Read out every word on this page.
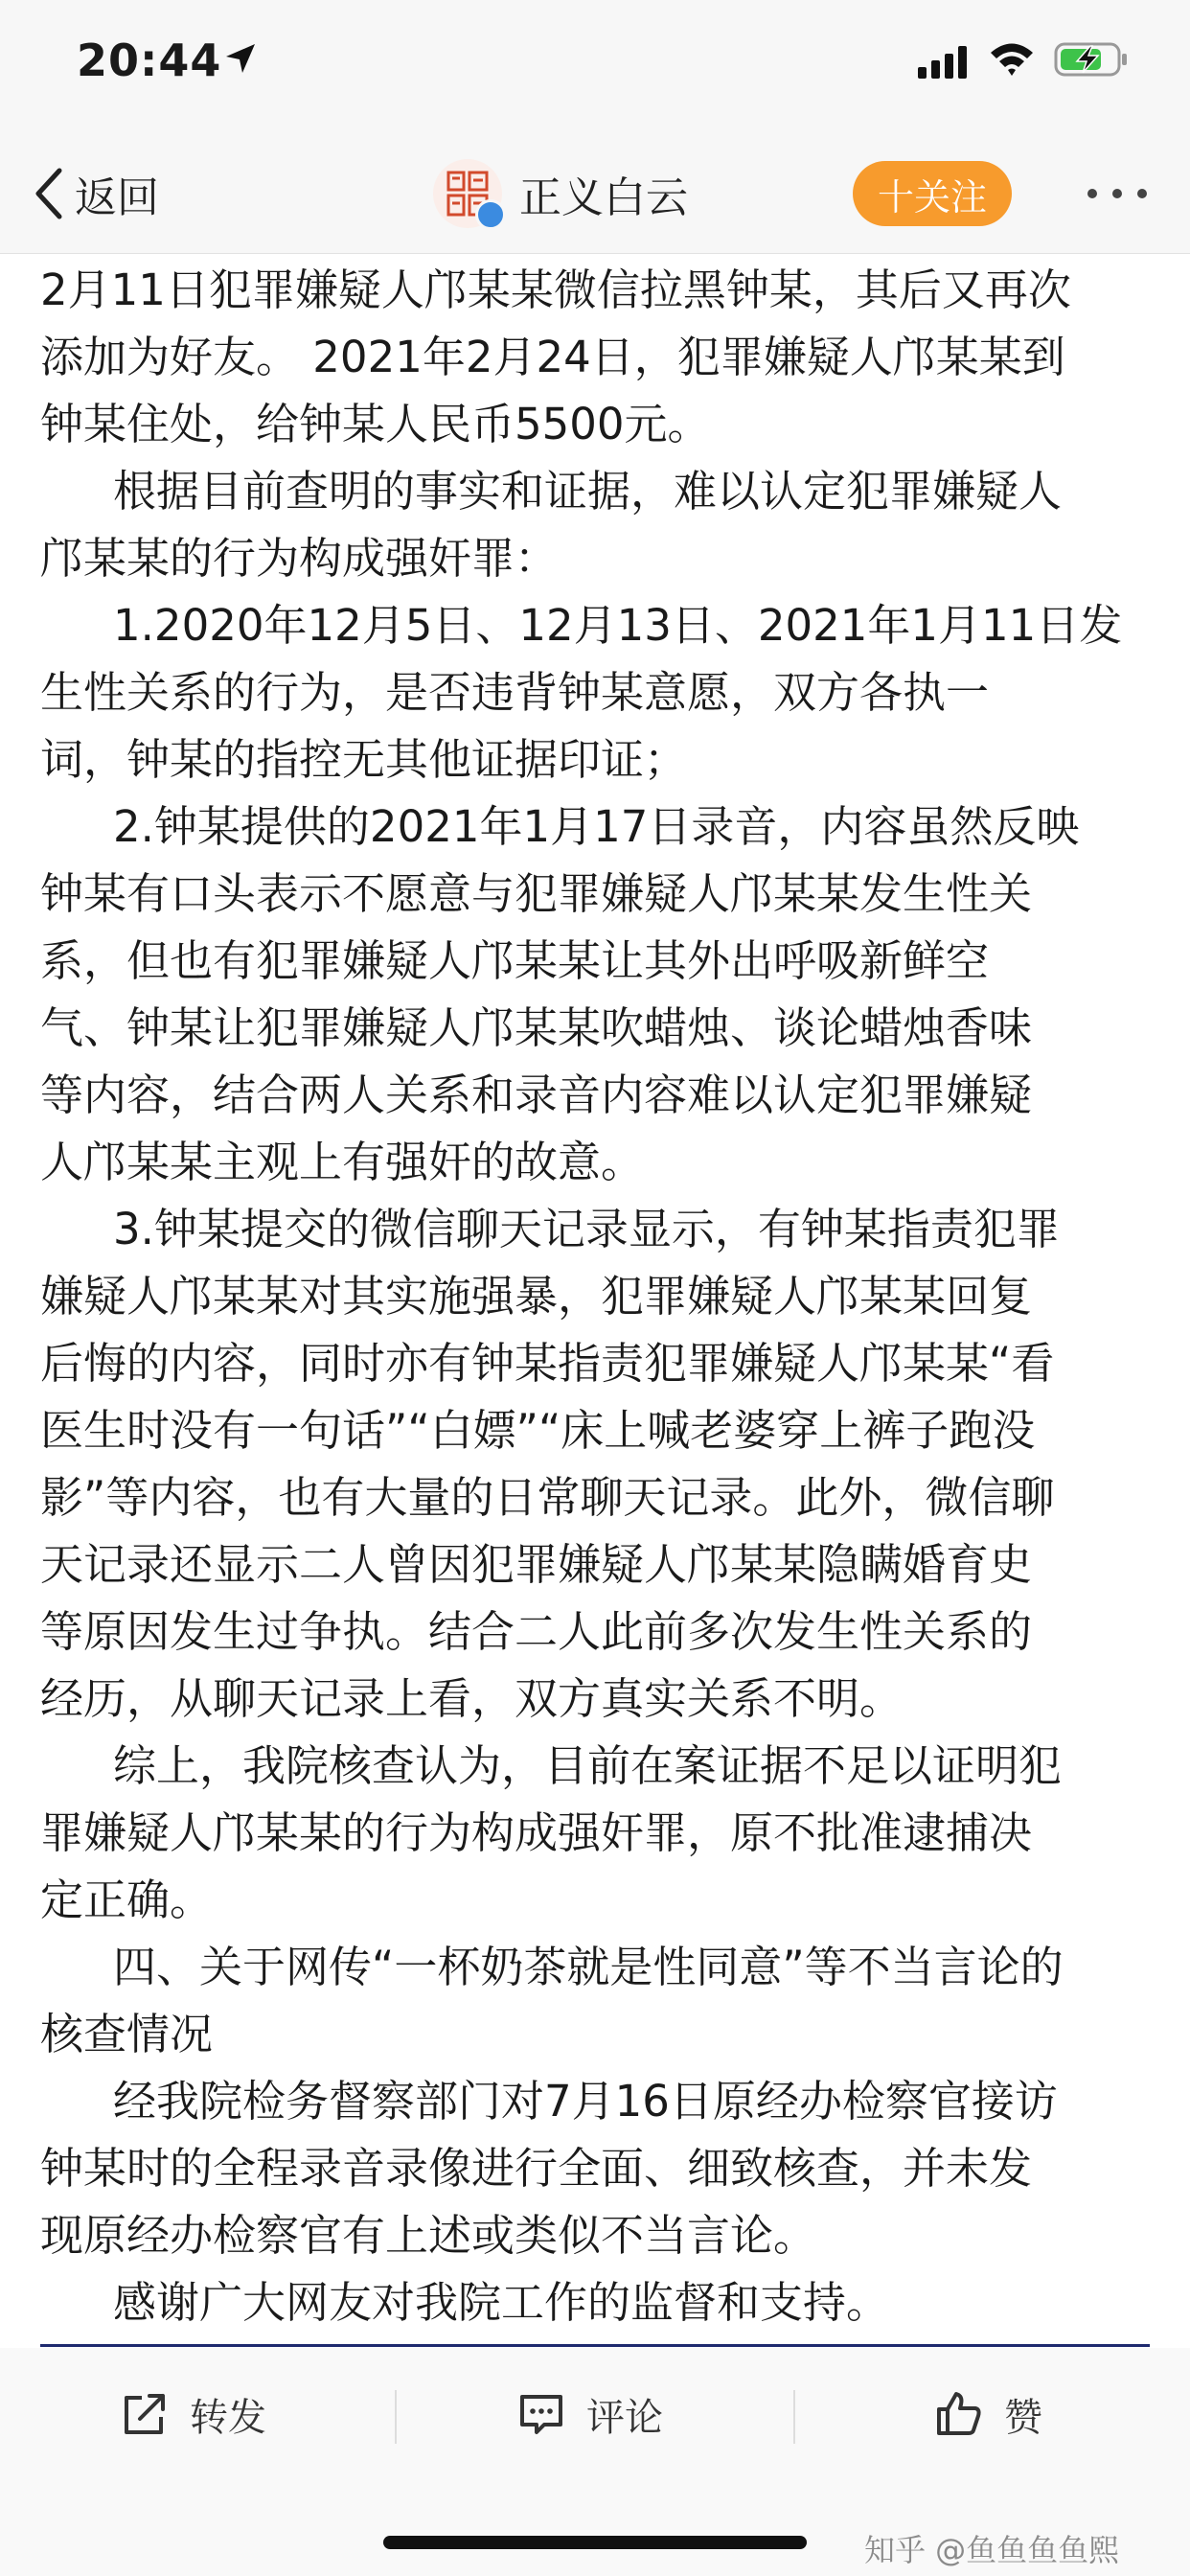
20:44
返回	正义白云	十关注

2月11日犯罪嫌疑人邝某某微信拉黑钟某，其后又再次
添加为好友。 2021年2月24日，犯罪嫌疑人邝某某到
钟某住处，给钟某人民币5500元。

根据目前查明的事实和证据，难以认定犯罪嫌疑人
邝某某的行为构成强奸罪：

1.2020年12月5日、12月13日、2021年1月11日发
生性关系的行为，是否违背钟某意愿，双方各执一
词，钟某的指控无其他证据印证；

2.钟某提供的2021年1月17日录音，内容虽然反映
钟某有口头表示不愿意与犯罪嫌疑人邝某某发生性关
系，但也有犯罪嫌疑人邝某某让其外出呼吸新鲜空
气、钟某让犯罪嫌疑人邝某某吹蜡烛、谈论蜡烛香味
等内容，结合两人关系和录音内容难以认定犯罪嫌疑
人邝某某主观上有强奸的故意。

3.钟某提交的微信聊天记录显示，有钟某指责犯罪
嫌疑人邝某某对其实施强暴，犯罪嫌疑人邝某某回复
后悔的内容，同时亦有钟某指责犯罪嫌疑人邝某某“看
医生时没有一句话”“白嫖”“床上喊老婆穿上裤子跑没
影”等内容，也有大量的日常聊天记录。此外，微信聊
天记录还显示二人曾因犯罪嫌疑人邝某某隐瞒婚育史
等原因发生过争执。结合二人此前多次发生性关系的
经历，从聊天记录上看，双方真实关系不明。

综上，我院核查认为，目前在案证据不足以证明犯
罪嫌疑人邝某某的行为构成强奸罪，原不批准逮捕决
定正确。

四、关于网传“一杯奶茶就是性同意”等不当言论的
核查情况

经我院检务督察部门对7月16日原经办检察官接访
钟某时的全程录音录像进行全面、细致核查，并未发
现原经办检察官有上述或类似不当言论。

感谢广大网友对我院工作的监督和支持。

转发	评论	赞
知乎 @鱼鱼鱼鱼熙
